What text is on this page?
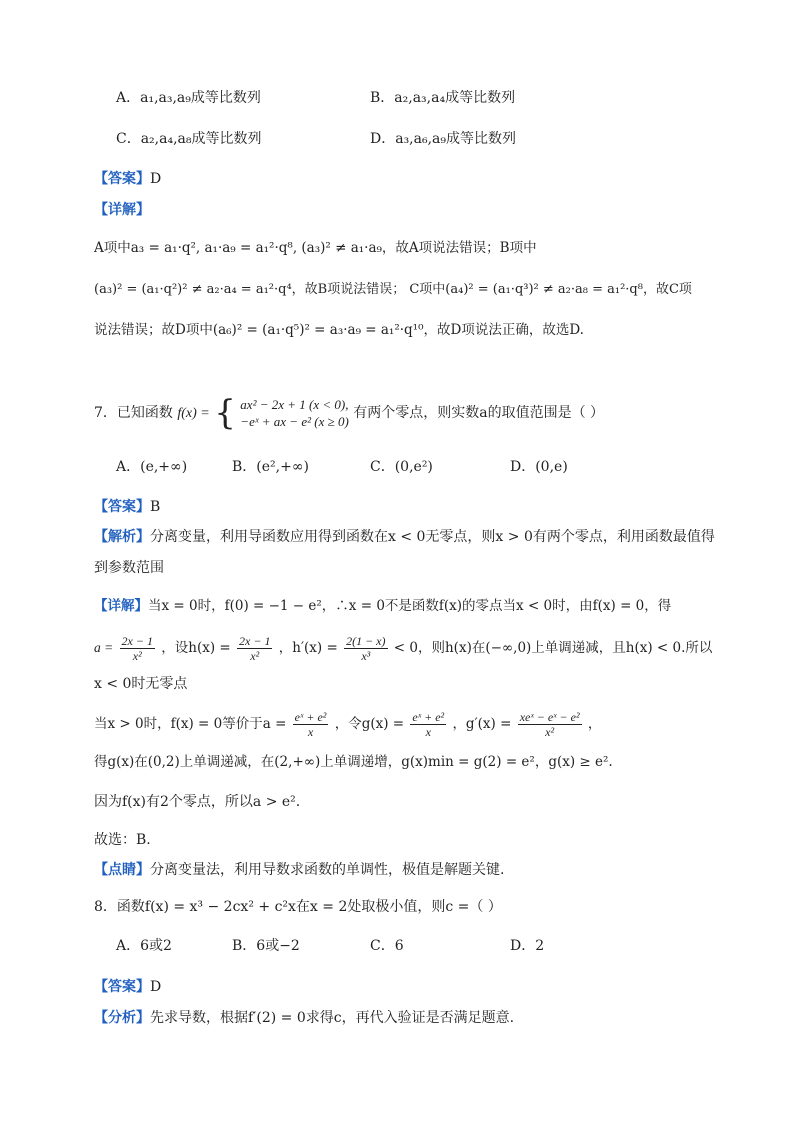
A．a₁,a₃,a₉成等比数列	B．a₂,a₃,a₄成等比数列
C．a₂,a₄,a₈成等比数列	D．a₃,a₆,a₉成等比数列
【答案】D
【详解】
A项中a₃ = a₁·q², a₁·a₉ = a₁²·q⁸, (a₃)² ≠ a₁·a₉，故A项说法错误；B项中
(a₃)² = (a₁·q²)² ≠ a₂·a₄ = a₁²·q⁴，故B项说法错误； C项中(a₄)² = (a₁·q³)² ≠ a₂·a₈ = a₁²·q⁸，故C项
说法错误；故D项中(a₆)² = (a₁·q⁵)² = a₃·a₉ = a₁²·q¹⁰，故D项说法正确，故选D.
7．已知函数 f(x) = { ax² − 2x + 1 (x < 0),
−eˣ + ax − e² (x ≥ 0)
有两个零点，则实数a的取值范围是（ ）
A．(e,+∞)	B．(e²,+∞)	C．(0,e²)	D．(0,e)
【答案】B
【解析】分离变量，利用导函数应用得到函数在x < 0无零点，则x > 0有两个零点，利用函数最值得
到参数范围
【详解】当x = 0时，f(0) = −1 − e²，∴x = 0不是函数f(x)的零点当x < 0时，由f(x) = 0，得
$a = \frac{2x - 1}{\text{x²}}$ ，设$h(x) = \frac{2x - 1}{\text{x²}}$ ，$h'(x) = \frac{2(1 - x)}{\text{x³}} < 0$，则h(x)在(−∞,0)上单调递减，且h(x) < 0.所以
x < 0时无零点
当x > 0时，f(x) = 0等价于$a = \frac{\text{eˣ + e²}}{x}$ ，令$g(x) = \frac{\text{eˣ + e²}}{x}$ ，$g'(x) = \frac{\text{xeˣ − eˣ − e²}}{\text{x²}}$ ，
得g(x)在(0,2)上单调递减，在(2,+∞)上单调递增，g(x)min = g(2) = e²，g(x) ≥ e².
因为f(x)有2个零点，所以a > e².
故选：B.
【点睛】分离变量法，利用导数求函数的单调性，极值是解题关键.
8．函数f(x) = x³ − 2cx² + c²x在x = 2处取极小值，则c =（ ）
A．6或2	B．6或−2	C．6	D．2
【答案】D
【分析】先求导数，根据f′(2) = 0求得c，再代入验证是否满足题意.
